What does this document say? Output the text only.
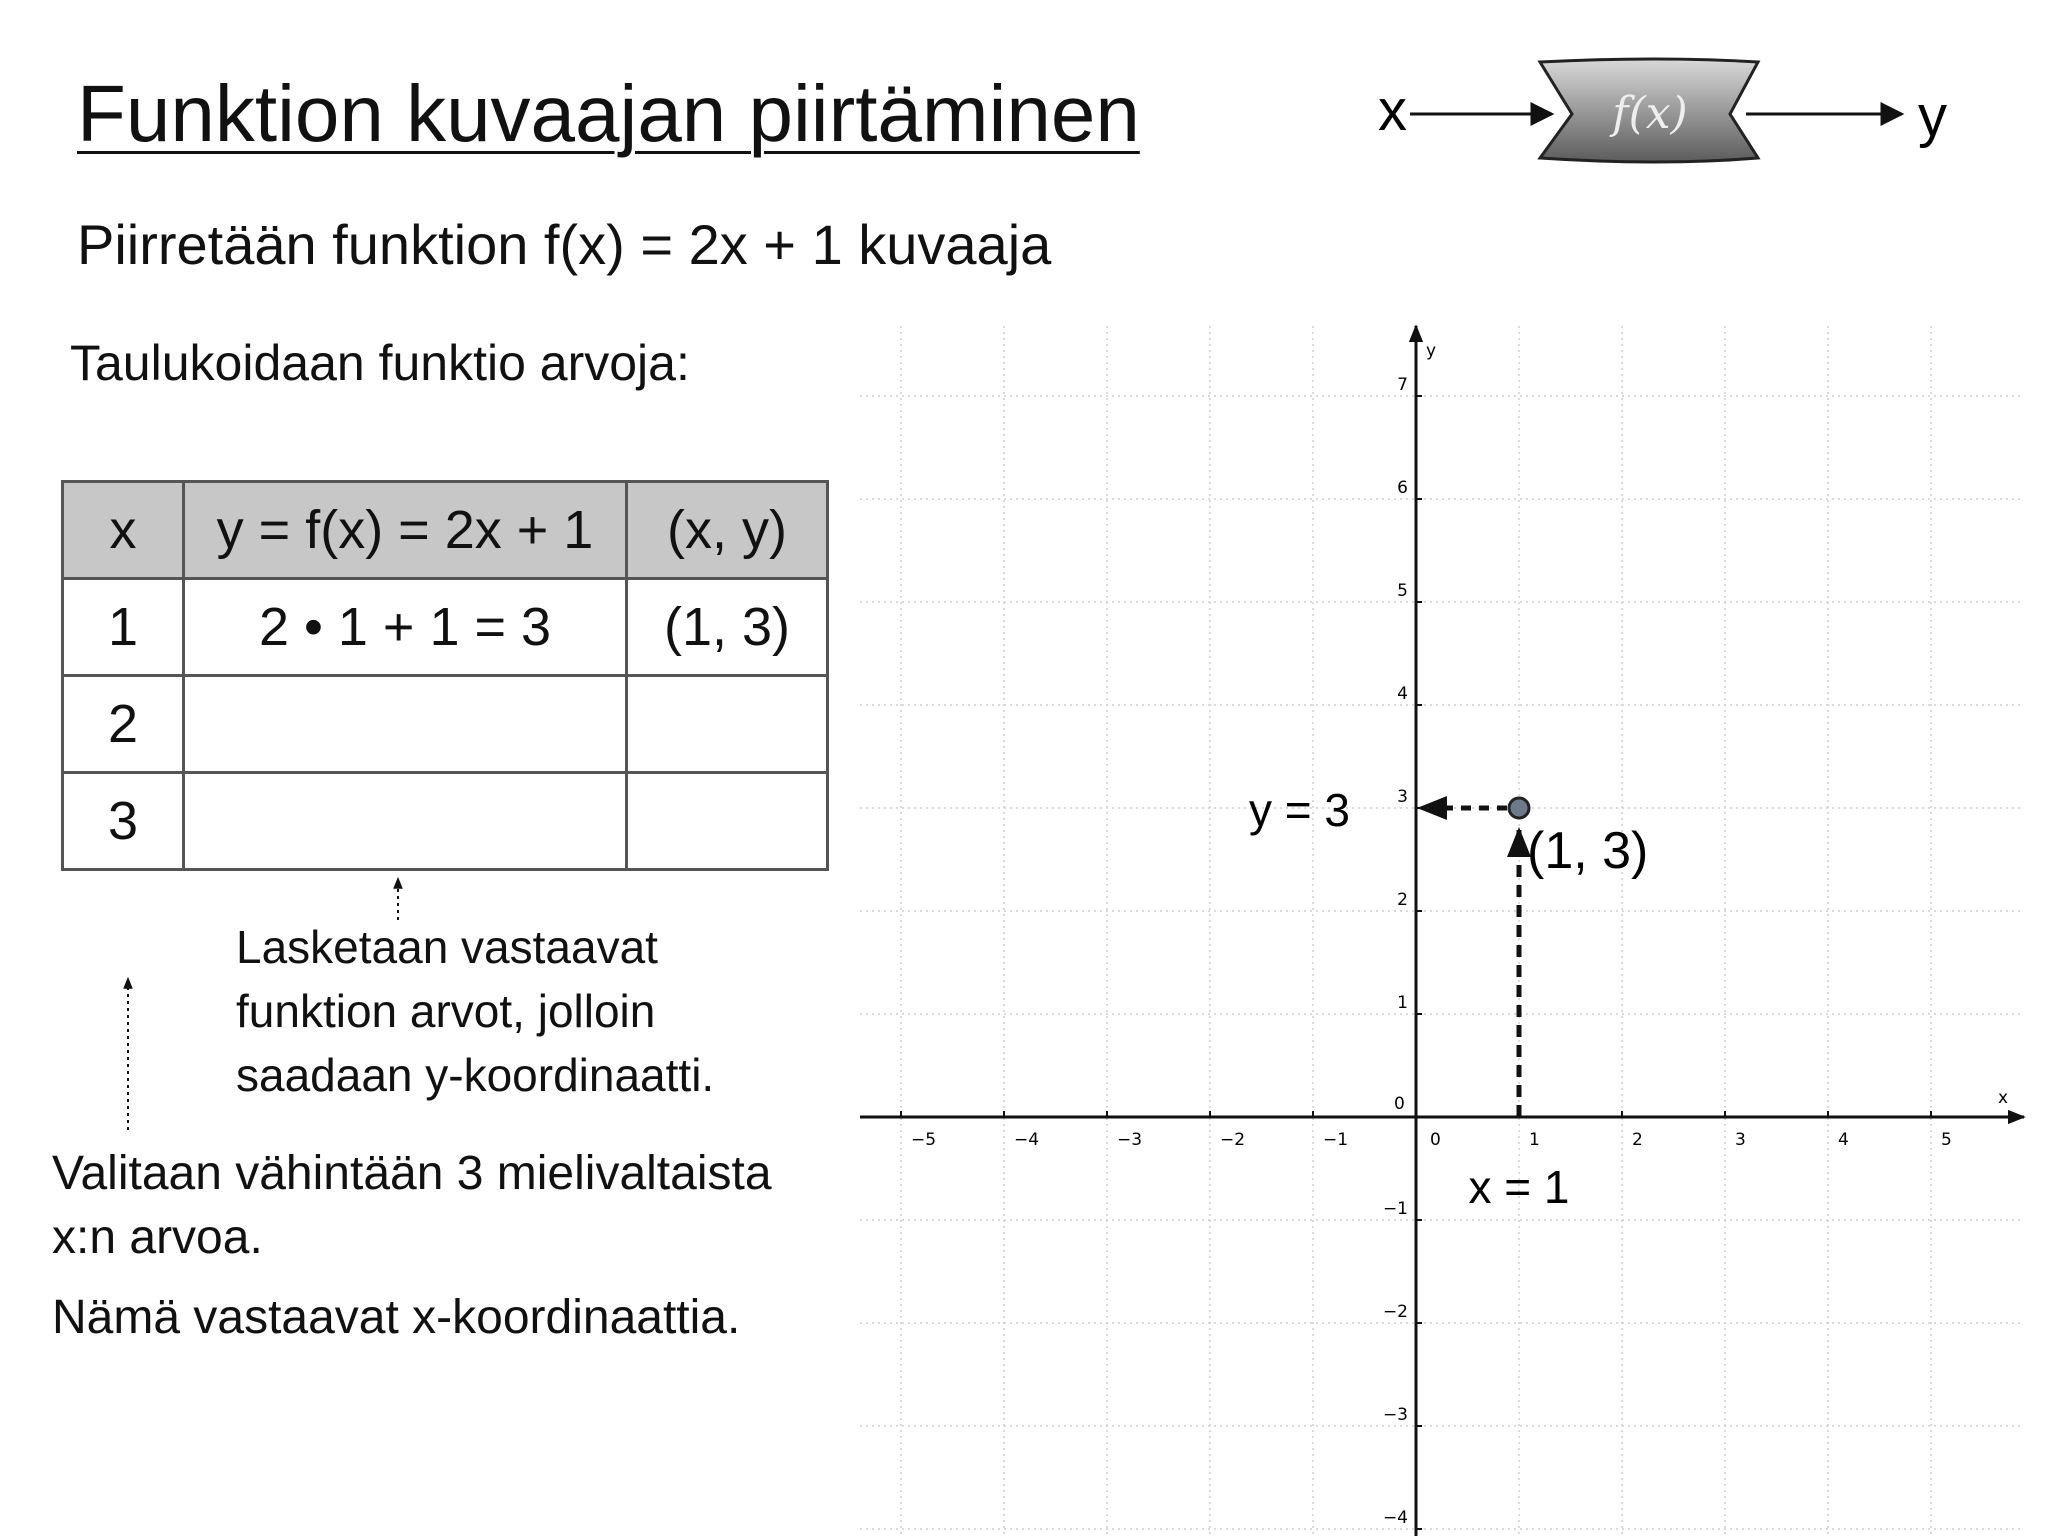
Funktion kuvaajan piirtäminen
Piirretään funktion f(x) = 2x + 1 kuvaaja
Taulukoidaan funktio arvoja:
x	f(x)	y
x
y
−5	−4	−3	−2	−1	0	1	2	3	4	5
−4
−3
−2
−1
0
1
2
3
4
5
6
7
(1, 3)
y = 3
x = 1
x	y = f(x) = 2x + 1	(x, y)
1	2 • 1 + 1 = 3	(1, 3)
2		
3		
Lasketaan vastaavat funktion arvot, jolloin saadaan y-koordinaatti.
Valitaan vähintään 3 mielivaltaista x:n arvoa.
Nämä vastaavat x-koordinaattia.
